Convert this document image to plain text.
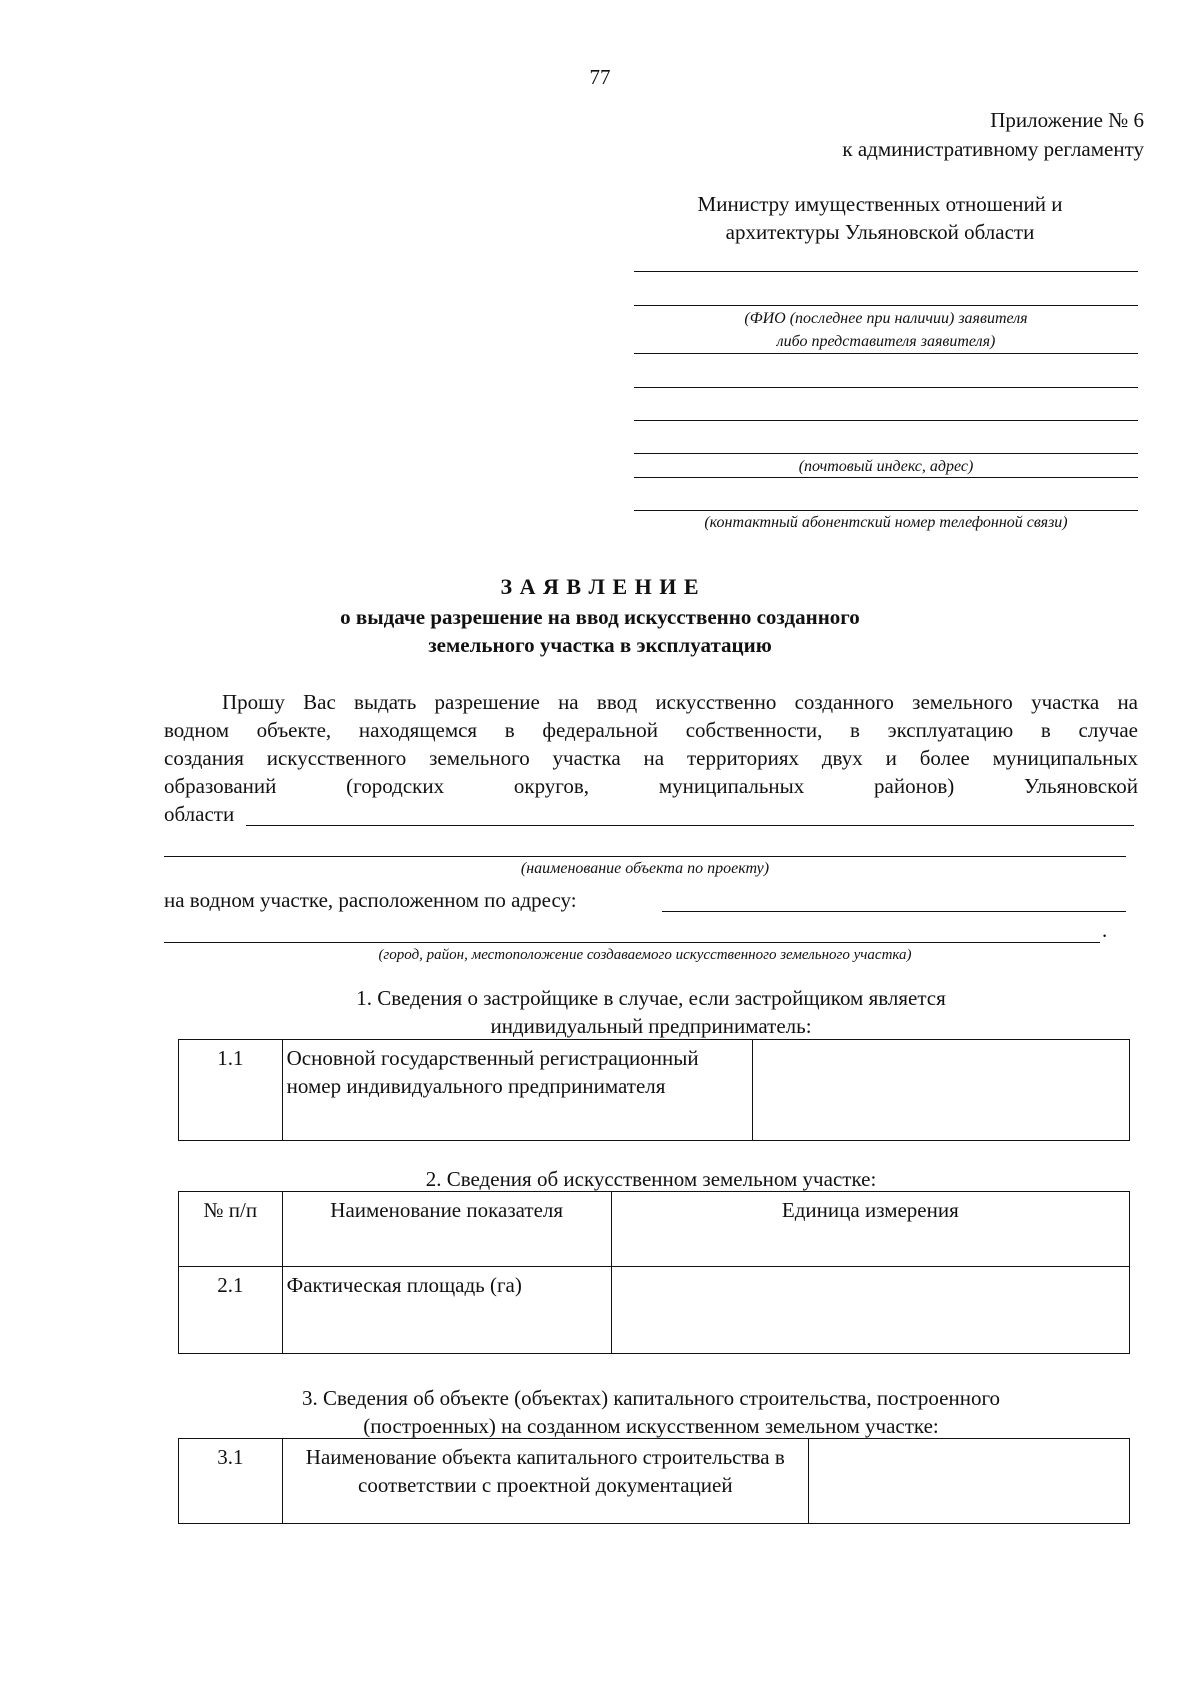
77
Приложение № 6
к административному регламенту
Министру имущественных отношений и
архитектуры Ульяновской области
(ФИО (последнее при наличии) заявителя
либо представителя заявителя)
(почтовый индекс, адрес)
(контактный абонентский номер телефонной связи)
З А Я В Л Е Н И Е
о выдаче разрешение на ввод искусственно созданного
земельного участка в эксплуатацию
Прошу Вас выдать разрешение на ввод искусственно созданного земельного участка на
водном объекте, находящемся в федеральной собственности, в эксплуатацию в случае
создания искусственного земельного участка на территориях двух и более муниципальных
образований (городских округов, муниципальных районов) Ульяновской
области
(наименование объекта по проекту)
на водном участке, расположенном по адресу:
.
(город, район, местоположение создаваемого искусственного земельного участка)
1. Сведения о застройщике в случае, если застройщиком является
индивидуальный предприниматель:
1.1	Основной государственный регистрационный номер индивидуального предпринимателя	
2. Сведения об искусственном земельном участке:
№ п/п	Наименование показателя	Единица измерения
2.1	Фактическая площадь (га)	
3. Сведения об объекте (объектах) капитального строительства, построенного
(построенных) на созданном искусственном земельном участке:
3.1	Наименование объекта капитального строительства в соответствии с проектной документацией	
